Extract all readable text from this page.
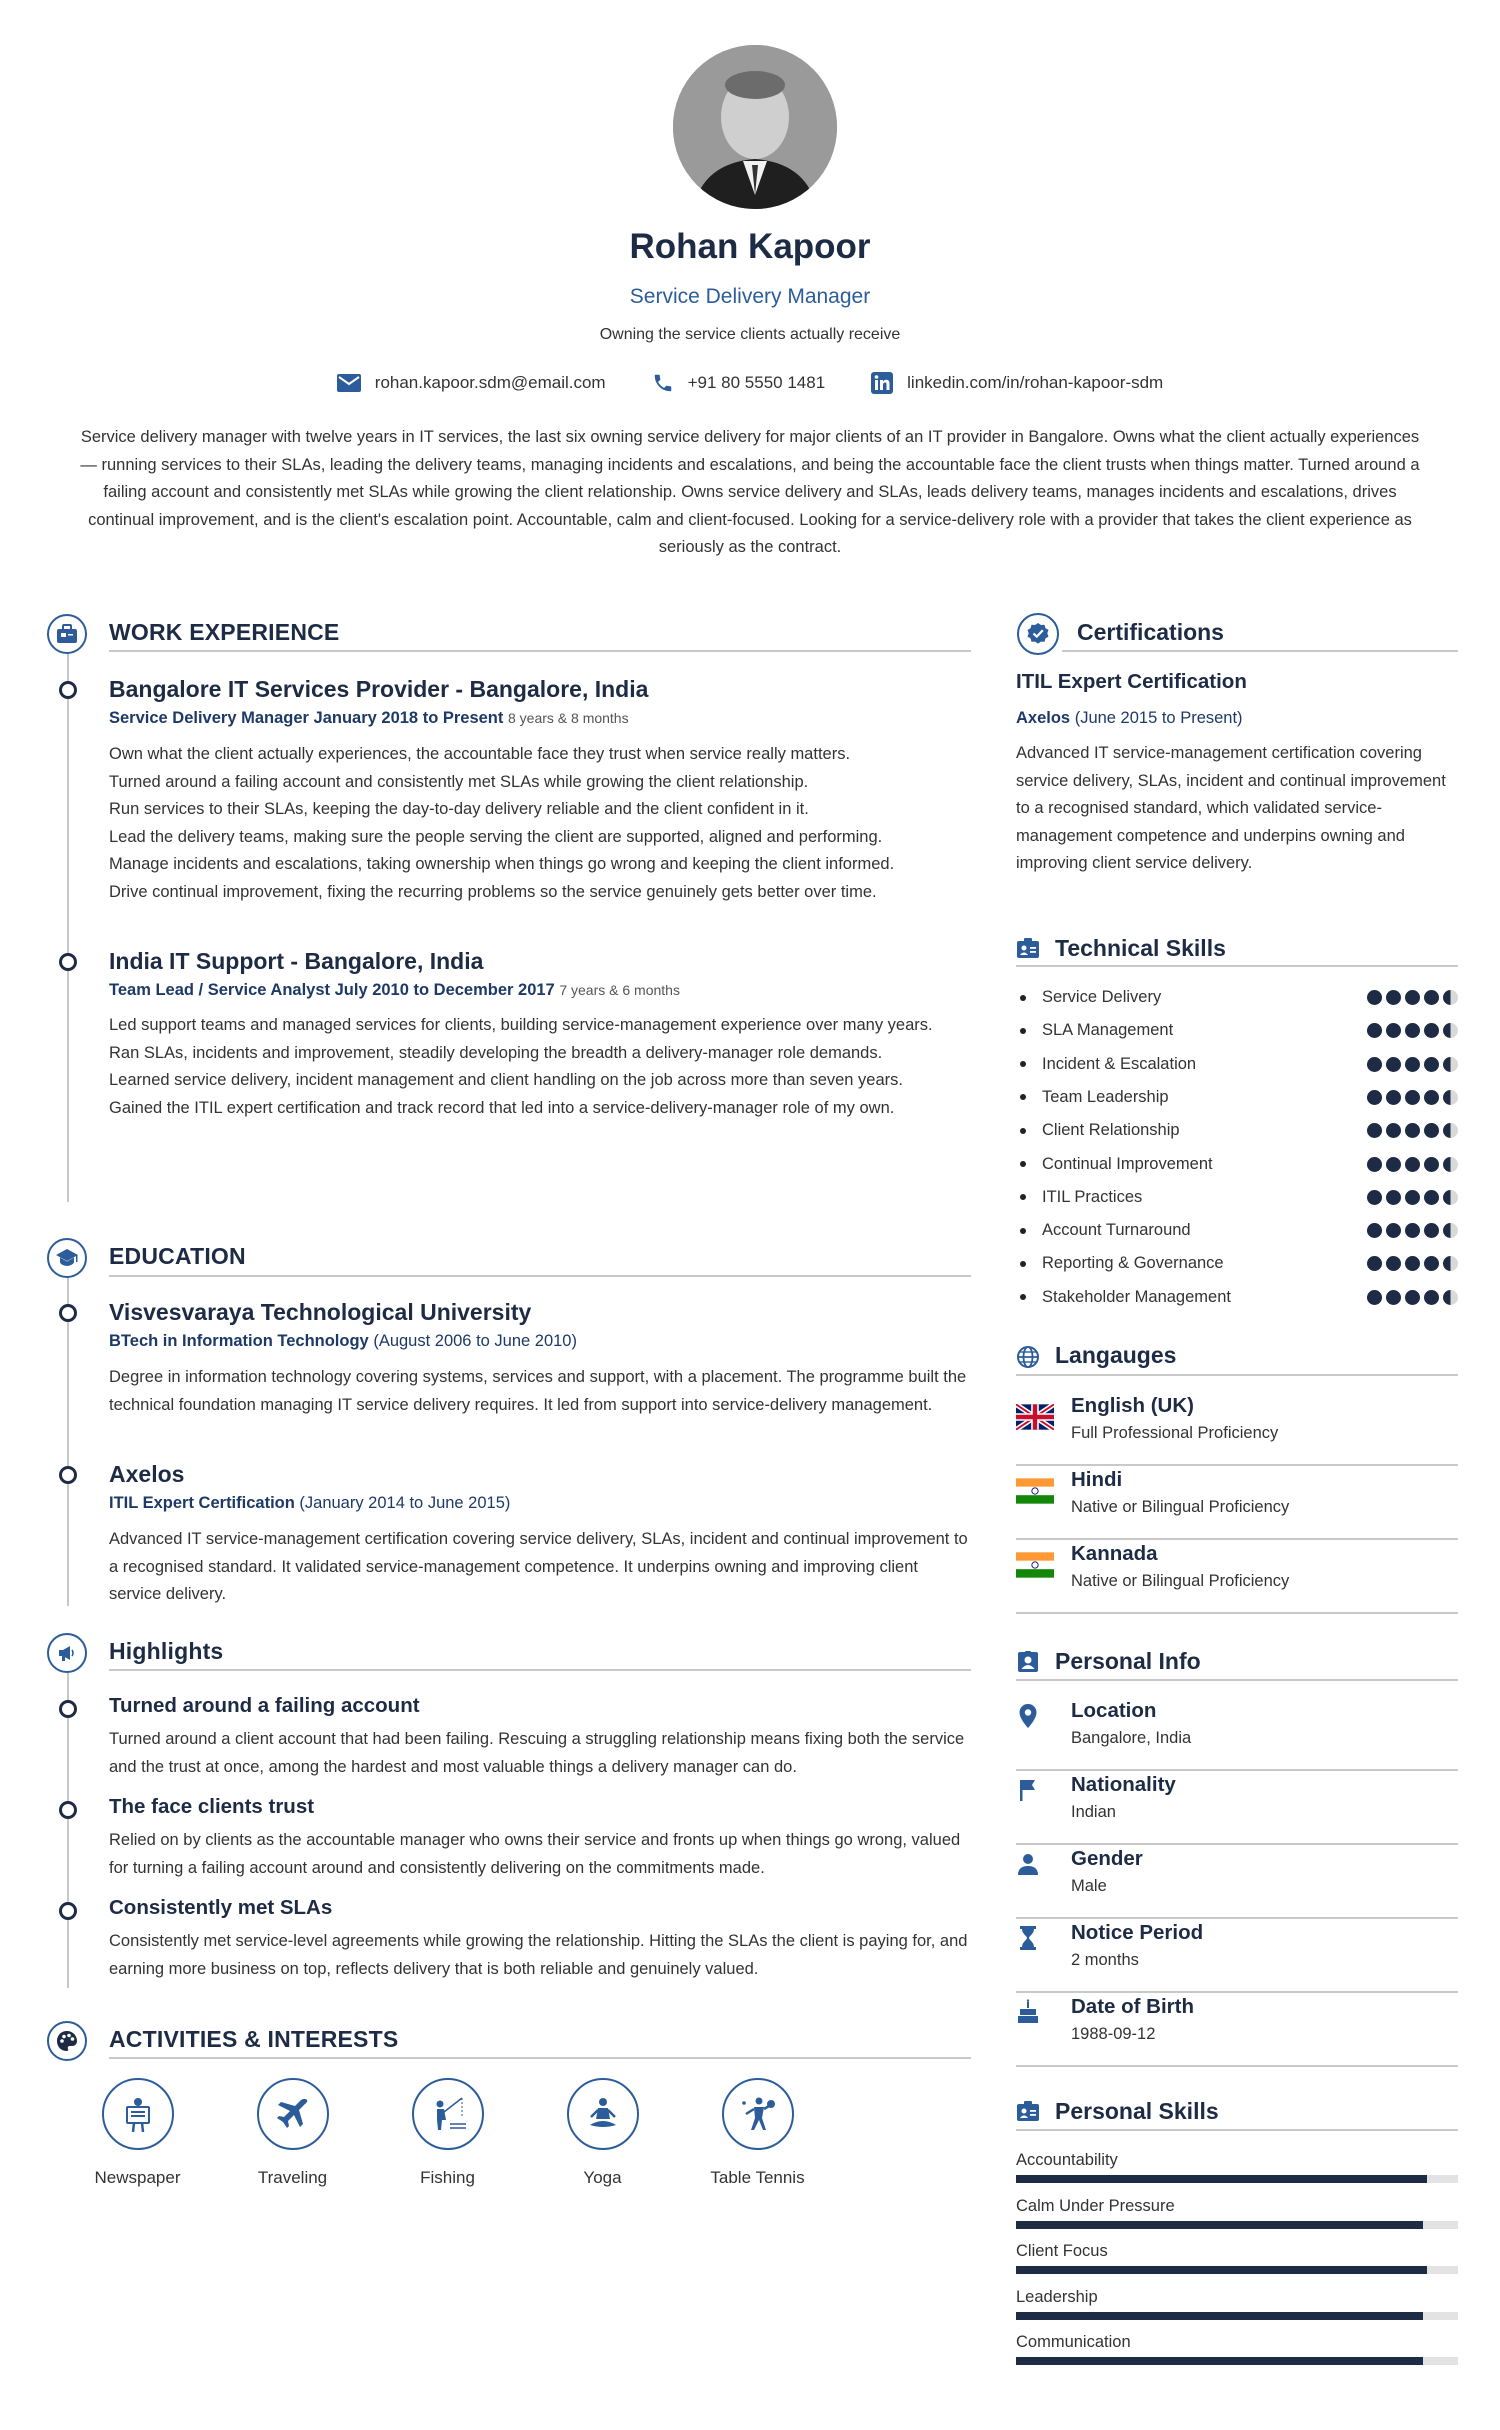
Rohan Kapoor
Service Delivery Manager
Owning the service clients actually receive
rohan.kapoor.sdm@email.com	+91 80 5550 1481	linkedin.com/in/rohan-kapoor-sdm
Service delivery manager with twelve years in IT services, the last six owning service delivery for major clients of an IT provider in Bangalore. Owns what the client actually experiences — running services to their SLAs, leading the delivery teams, managing incidents and escalations, and being the accountable face the client trusts when things matter. Turned around a failing account and consistently met SLAs while growing the client relationship. Owns service delivery and SLAs, leads delivery teams, manages incidents and escalations, drives continual improvement, and is the client's escalation point. Accountable, calm and client-focused. Looking for a service-delivery role with a provider that takes the client experience as seriously as the contract.
WORK EXPERIENCE
Bangalore IT Services Provider - Bangalore, India
Service Delivery Manager January 2018 to Present 8 years & 8 months
Own what the client actually experiences, the accountable face they trust when service really matters.
Turned around a failing account and consistently met SLAs while growing the client relationship.
Run services to their SLAs, keeping the day-to-day delivery reliable and the client confident in it.
Lead the delivery teams, making sure the people serving the client are supported, aligned and performing.
Manage incidents and escalations, taking ownership when things go wrong and keeping the client informed.
Drive continual improvement, fixing the recurring problems so the service genuinely gets better over time.
India IT Support - Bangalore, India
Team Lead / Service Analyst July 2010 to December 2017 7 years & 6 months
Led support teams and managed services for clients, building service-management experience over many years.
Ran SLAs, incidents and improvement, steadily developing the breadth a delivery-manager role demands.
Learned service delivery, incident management and client handling on the job across more than seven years.
Gained the ITIL expert certification and track record that led into a service-delivery-manager role of my own.
EDUCATION
Visvesvaraya Technological University
BTech in Information Technology (August 2006 to June 2010)
Degree in information technology covering systems, services and support, with a placement. The programme built the technical foundation managing IT service delivery requires. It led from support into service-delivery management.
Axelos
ITIL Expert Certification (January 2014 to June 2015)
Advanced IT service-management certification covering service delivery, SLAs, incident and continual improvement to a recognised standard. It validated service-management competence. It underpins owning and improving client service delivery.
Highlights
Turned around a failing account
Turned around a client account that had been failing. Rescuing a struggling relationship means fixing both the service and the trust at once, among the hardest and most valuable things a delivery manager can do.
The face clients trust
Relied on by clients as the accountable manager who owns their service and fronts up when things go wrong, valued for turning a failing account around and consistently delivering on the commitments made.
Consistently met SLAs
Consistently met service-level agreements while growing the relationship. Hitting the SLAs the client is paying for, and earning more business on top, reflects delivery that is both reliable and genuinely valued.
ACTIVITIES & INTERESTS
Newspaper	Traveling	Fishing	Yoga	Table Tennis
Certifications
ITIL Expert Certification
Axelos (June 2015 to Present)
Advanced IT service-management certification covering service delivery, SLAs, incident and continual improvement to a recognised standard, which validated service-management competence and underpins owning and improving client service delivery.
Technical Skills
Service Delivery
SLA Management
Incident & Escalation
Team Leadership
Client Relationship
Continual Improvement
ITIL Practices
Account Turnaround
Reporting & Governance
Stakeholder Management
Langauges
English (UK)
Full Professional Proficiency
Hindi
Native or Bilingual Proficiency
Kannada
Native or Bilingual Proficiency
Personal Info
Location
Bangalore, India
Nationality
Indian
Gender
Male
Notice Period
2 months
Date of Birth
1988-09-12
Personal Skills
Accountability
Calm Under Pressure
Client Focus
Leadership
Communication
